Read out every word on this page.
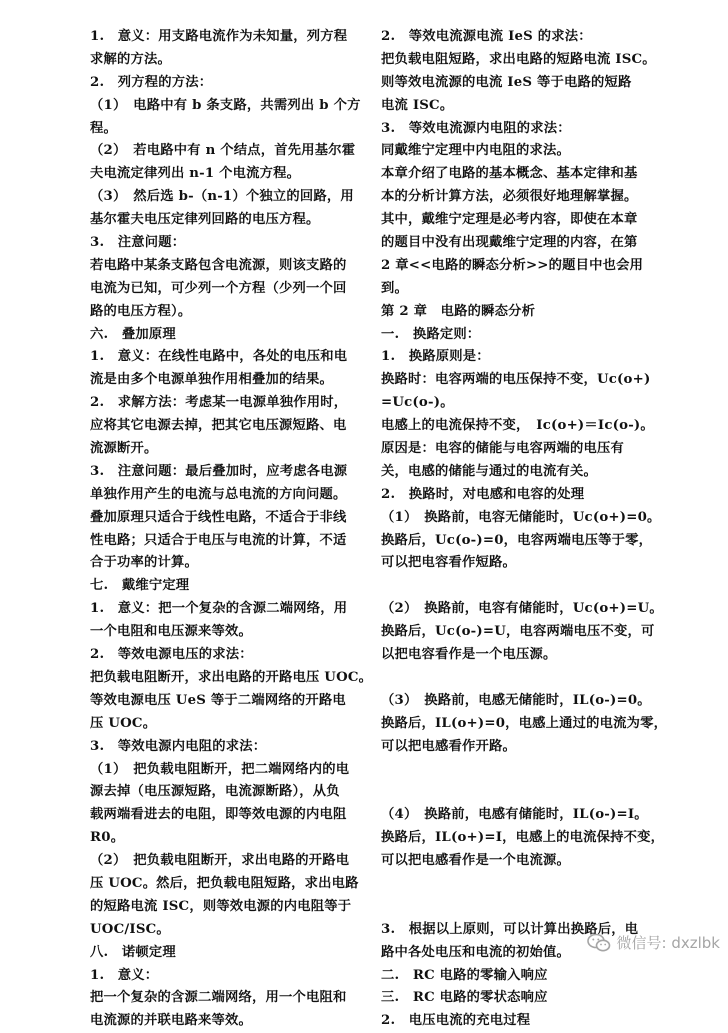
1.　意义：用支路电流作为未知量，列方程
求解的方法。
2.　列方程的方法：
（1）　电路中有 b 条支路，共需列出 b 个方
程。
（2）　若电路中有 n 个结点，首先用基尔霍
夫电流定律列出 n-1 个电流方程。
（3）　然后选 b-（n-1）个独立的回路，用
基尔霍夫电压定律列回路的电压方程。
3.　注意问题：
若电路中某条支路包含电流源，则该支路的
电流为已知，可少列一个方程（少列一个回
路的电压方程）。
六.　叠加原理
1.　意义：在线性电路中，各处的电压和电
流是由多个电源单独作用相叠加的结果。
2.　求解方法：考虑某一电源单独作用时，
应将其它电源去掉，把其它电压源短路、电
流源断开。
3.　注意问题：最后叠加时，应考虑各电源
单独作用产生的电流与总电流的方向问题。
叠加原理只适合于线性电路，不适合于非线
性电路；只适合于电压与电流的计算，不适
合于功率的计算。
七.　戴维宁定理
1.　意义：把一个复杂的含源二端网络，用
一个电阻和电压源来等效。
2.　等效电源电压的求法：
把负载电阻断开，求出电路的开路电压 UOC。
等效电源电压 UeS 等于二端网络的开路电
压 UOC。
3.　等效电源内电阻的求法：
（1）　把负载电阻断开，把二端网络内的电
源去掉（电压源短路，电流源断路），从负
载两端看进去的电阻，即等效电源的内电阻
R0。
（2）　把负载电阻断开，求出电路的开路电
压 UOC。然后，把负载电阻短路，求出电路
的短路电流 ISC，则等效电源的内电阻等于
UOC/ISC。
八.　诺顿定理
1.　意义：
把一个复杂的含源二端网络，用一个电阻和
电流源的并联电路来等效。
2.　等效电流源电流 IeS 的求法：
把负载电阻短路，求出电路的短路电流 ISC。
则等效电流源的电流 IeS 等于电路的短路
电流 ISC。
3.　等效电流源内电阻的求法：
同戴维宁定理中内电阻的求法。
本章介绍了电路的基本概念、基本定律和基
本的分析计算方法，必须很好地理解掌握。
其中，戴维宁定理是必考内容，即使在本章
的题目中没有出现戴维宁定理的内容，在第
2 章<<电路的瞬态分析>>的题目中也会用
到。
第 2 章　电路的瞬态分析
一.　换路定则：
1.　换路原则是：
换路时：电容两端的电压保持不变，Uc(o+)
=Uc(o-)。
电感上的电流保持不变，　Ic(o+)＝Ic(o-)。
原因是：电容的储能与电容两端的电压有
关，电感的储能与通过的电流有关。
2.　换路时，对电感和电容的处理
（1）　换路前，电容无储能时，Uc(o+)=0。
换路后，Uc(o-)=0，电容两端电压等于零，
可以把电容看作短路。
（2）　换路前，电容有储能时，Uc(o+)=U。
换路后，Uc(o-)=U，电容两端电压不变，可
以把电容看作是一个电压源。
（3）　换路前，电感无储能时，IL(o-)=0。
换路后，IL(o+)=0，电感上通过的电流为零，
可以把电感看作开路。
（4）　换路前，电感有储能时，IL(o-)=I。
换路后，IL(o+)=I，电感上的电流保持不变，
可以把电感看作是一个电流源。
3.　根据以上原则，可以计算出换路后，电
路中各处电压和电流的初始值。
二.　RC 电路的零输入响应
三.　RC 电路的零状态响应
2.　电压电流的充电过程
微信号: dxzlbk
